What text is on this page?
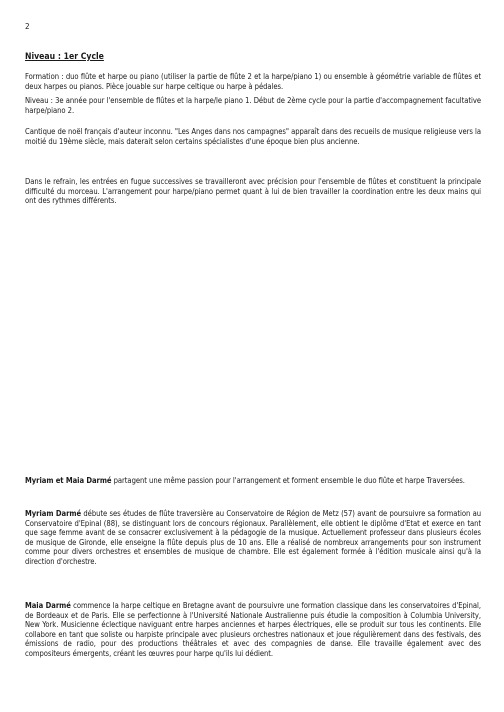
2
Niveau : 1er Cycle

Formation : duo flûte et harpe ou piano (utiliser la partie de flûte 2 et la harpe/piano 1) ou ensemble à géométrie variable de flûtes et deux harpes ou pianos. Pièce jouable sur harpe celtique ou harpe à pédales.

Niveau : 3e année pour l'ensemble de flûtes et la harpe/le piano 1. Début de 2ème cycle pour la partie d'accompagnement facultative harpe/piano 2.

Cantique de noël français d'auteur inconnu. "Les Anges dans nos campagnes" apparaît dans des recueils de musique religieuse vers la moitié du 19ème siècle, mais daterait selon certains spécialistes d'une époque bien plus ancienne.

Dans le refrain, les entrées en fugue successives se travailleront avec précision pour l'ensemble de flûtes et constituent la principale difficulté du morceau. L'arrangement pour harpe/piano permet quant à lui de bien travailler la coordination entre les deux mains qui ont des rythmes différents.

Myriam et Maia Darmé partagent une même passion pour l'arrangement et forment ensemble le duo flûte et harpe Traversées.

Myriam Darmé débute ses études de flûte traversière au Conservatoire de Région de Metz (57) avant de poursuivre sa formation au Conservatoire d'Epinal (88), se distinguant lors de concours régionaux. Parallèlement, elle obtient le diplôme d'Etat et exerce en tant que sage femme avant de se consacrer exclusivement à la pédagogie de la musique. Actuellement professeur dans plusieurs écoles de musique de Gironde, elle enseigne la flûte depuis plus de 10 ans. Elle a réalisé de nombreux arrangements pour son instrument comme pour divers orchestres et ensembles de musique de chambre. Elle est également formée à l'édition musicale ainsi qu'à la direction d'orchestre.

Maia Darmé commence la harpe celtique en Bretagne avant de poursuivre une formation classique dans les conservatoires d'Epinal, de Bordeaux et de Paris. Elle se perfectionne à l'Université Nationale Australienne puis étudie la composition à Columbia University, New York. Musicienne éclectique naviguant entre harpes anciennes et harpes électriques, elle se produit sur tous les continents. Elle collabore en tant que soliste ou harpiste principale avec plusieurs orchestres nationaux et joue régulièrement dans des festivals, des émissions de radio, pour des productions théâtrales et avec des compagnies de danse. Elle travaille également avec des compositeurs émergents, créant les œuvres pour harpe qu'ils lui dédient.
